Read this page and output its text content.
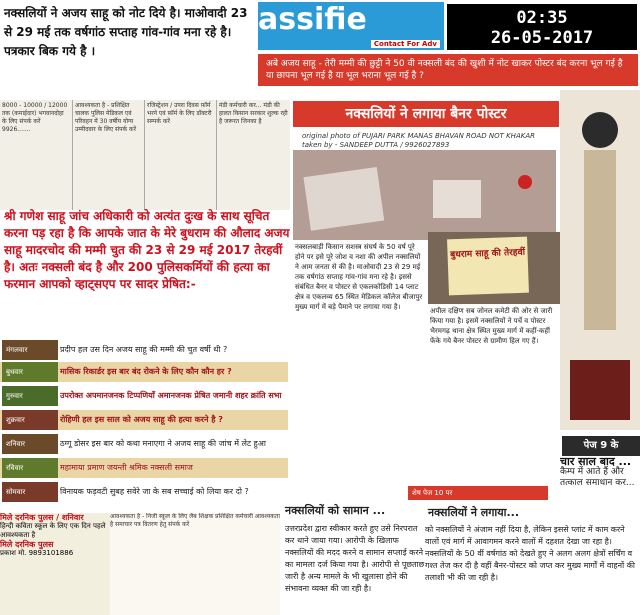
नक्सलियों ने अजय साहू को नोट दिये है। माओवादी 23 से 29 मई तक वर्षगांठ सप्ताह गांव-गांव मना रहे है। पत्रकार बिक गये है ।
assifie
Contact For Adv
02:35
26-05-2017
अबे अजय साहू - तेरी मम्मी की छुट्टी ने 50 वी नक्सली बंद की खुशी में नोट खाकर पोस्टर बंद करना भूल गई है या छापना भूल गई है या भूल भराना भूल गई है ?
8000 - 10000 / 12000 तक (कमाईदार) भगवानदोहा के लिए संपर्क करें 9926.......
आवश्यकता है - प्रशिक्षित चालक पुलिस मेडिकल एवं परिवहन में 30 वर्षीय योग्य उम्मीदवार के लिए संपर्क करें
रजिस्ट्रेशन / उपरा दिवस फ़ॉर्म भरने एवं फ़ॉर्म के लिए डॉक्टरी सम्पर्क करें
मंडी कर्मचारी कर... मंडी की हालत किसान सरकार शुल्क रही है जरूरत जिनका है
श्री गणेश साहू जांच अधिकारी को अत्यंत दुःख के साथ सूचित करना पड़ रहा है कि आपके जात के मेरे बुधराम की औलाद अजय साहू मादरचोद की मम्मी चुत की 23 से 29 मई 2017 तेरहवीं है। अतः नक्सली बंद है और 200 पुलिसकर्मियों की हत्या का फरमान आपको व्हाट्सएप पर सादर प्रेषित:-
मंगलवार	प्रदीप हल उस दिन अजय साहू की मम्मी की चुत वर्षी थी ?
बुधवार	मासिक रिकार्डर इस बार बंद रोकने के लिए कौन कौन हर ?
गुरुवार	उपरोक्त अपमानजनक टिप्पणियाँ अमानजनक प्रेषित जमानी शहर क्रांति सभा
शुक्रवार	रोहिणी हल इस साल को अजय साहू की हत्या करने है ?
शनिवार	ठग्गू डोसर इस बार को कथा मनाएगा ने अजय साहू की जांच में लेट हुआ
रविवार	महामाया प्रमाण जयन्ती श्रमिक नक्सली समाज
सोमवार	विनायक फड़वटी सुबह सवेरे जा के सब सच्चाई को लिया कर दो ?
नक्सलियों ने लगाया बैनर पोस्टर
original photo of PUJARI PARK MANAS BHAVAN ROAD NOT KHAKAR taken by - SANDEEP DUTTA / 9926027893
नक्सलबाड़ी किसान सशस्त्र संघर्ष के 50 वर्ष पूरे होने पर इसे पूरे जोश व नशा की अपील नक्सलियों ने आम जनता से की है। माओवादी 23 से 29 मई तक वर्षगांठ सप्ताह गांव-गांव मना रहे है। इससे संबंधित बैनर व पोस्टर से एकलकोडिसी 14 प्लाट क्षेत्र व एकलव्य 65 स्थित मेडिकल कॉलेज बीजापुर मुख्य मार्ग में बड़े पैमाने पर लगाया गया है।
बुधराम साहू की तेरहवीं
अपील दक्षिण सब जोनल कमेटी की ओर से जारी किया गया है। इसमें नक्सलियों ने पर्चे व पोस्टर भैरमगढ़ थाना क्षेत्र स्थित मुख्य मार्ग में कहीं-कहीं फेंके गये बैनर पोस्टर से ग्रामीण हिल गए हैं।
पेज 9 के
चार साल बाद ...
कैम्प में आते हैं और तत्काल समाधान कर...
शेष पेज 10 पर
मिले दरनिक पुलस / शनिवार
हिन्दी कविता स्कूल के लिए एक दिन पहले आवश्यकता है
मिले दरनिक पुलस
प्रकाश मो. 9893101886
आवश्यकता है - निजी स्कूल के लिए लैब शिक्षक प्रशिक्षित कर्मचारी आवश्यकता है समाचार पत्र वितरण हेतु संपर्क करें
नक्सलियों को सामान ...
उत्तरप्रदेश द्वारा स्वीकार करते हुए उसे निरपरात कर थाने जाया गया। आरोपी के खिलाफ नक्सलियों की मदद करने व सामान सप्लाई करने का मामला दर्ज किया गया है। आरोपी से पूछताछ जारी है अन्य मामले के भी खुलासा होने की संभावना व्यक्त की जा रही है।
नक्सलियों ने लगाया...
को नक्सलियों ने अंजाम नहीं दिया है, लेकिन इससे प्लांट में काम करने वालों एवं मार्ग में आवागमन करने वालों में दहशत देखा जा रहा है। नक्सलियों के 50 वीं वर्षगांठ को देखते हुए ने अलग अलग क्षेत्रों सर्चिंग व गश्त तेज कर दी है वहीं बैनर-पोस्टर को जप्त कर मुख्य मार्गों में वाहनों की तलाशी भी की जा रही है।
